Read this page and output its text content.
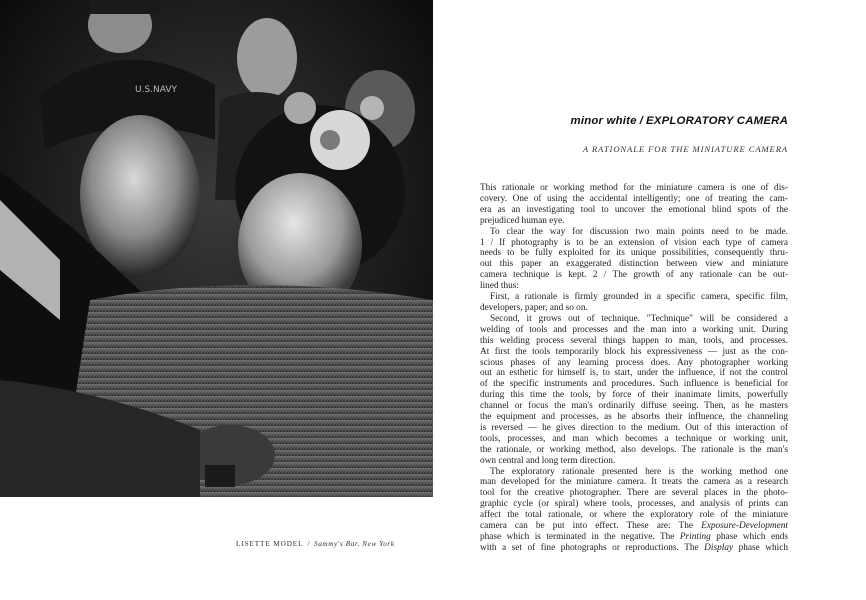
U.S.NAVY
LISETTE MODEL / Sammy's Bar, New York
minor white / EXPLORATORY CAMERA
A RATIONALE FOR THE MINIATURE CAMERA
This rationale or working method for the miniature camera is one of dis-
covery. One of using the accidental intelligently; one of treating the cam-
era as an investigating tool to uncover the emotional blind spots of the
prejudiced human eye.
To clear the way for discussion two main points need to be made.
1 / If photography is to be an extension of vision each type of camera
needs to be fully exploited for its unique possibilities, consequently thru-
out this paper an exaggerated distinction between view and miniature
camera technique is kept. 2 / The growth of any rationale can be out-
lined thus:
First, a rationale is firmly grounded in a specific camera, specific film,
developers, paper, and so on.
Second, it grows out of technique. "Technique" will be considered a
welding of tools and processes and the man into a working unit. During
this welding process several things happen to man, tools, and processes.
At first the tools temporarily block his expressiveness — just as the con-
scious phases of any learning process does. Any photographer working
out an esthetic for himself is, to start, under the influence, if not the control
of the specific instruments and procedures. Such influence is beneficial for
during this time the tools, by force of their inanimate limits, powerfully
channel or focus the man's ordinarily diffuse seeing. Then, as he masters
the equipment and processes, as he absorbs their influence, the channeling
is reversed — he gives direction to the medium. Out of this interaction of
tools, processes, and man which becomes a technique or working unit,
the rationale, or working method, also develops. The rationale is the man's
own central and long term direction.
The exploratory rationale presented here is the working method one
man developed for the miniature camera. It treats the camera as a research
tool for the creative photographer. There are several places in the photo-
graphic cycle (or spiral) where tools, processes, and analysis of prints can
affect the total rationale, or where the exploratory role of the miniature
camera can be put into effect. These are: The Exposure-Development
phase which is terminated in the negative. The Printing phase which ends
with a set of fine photographs or reproductions. The Display phase which
